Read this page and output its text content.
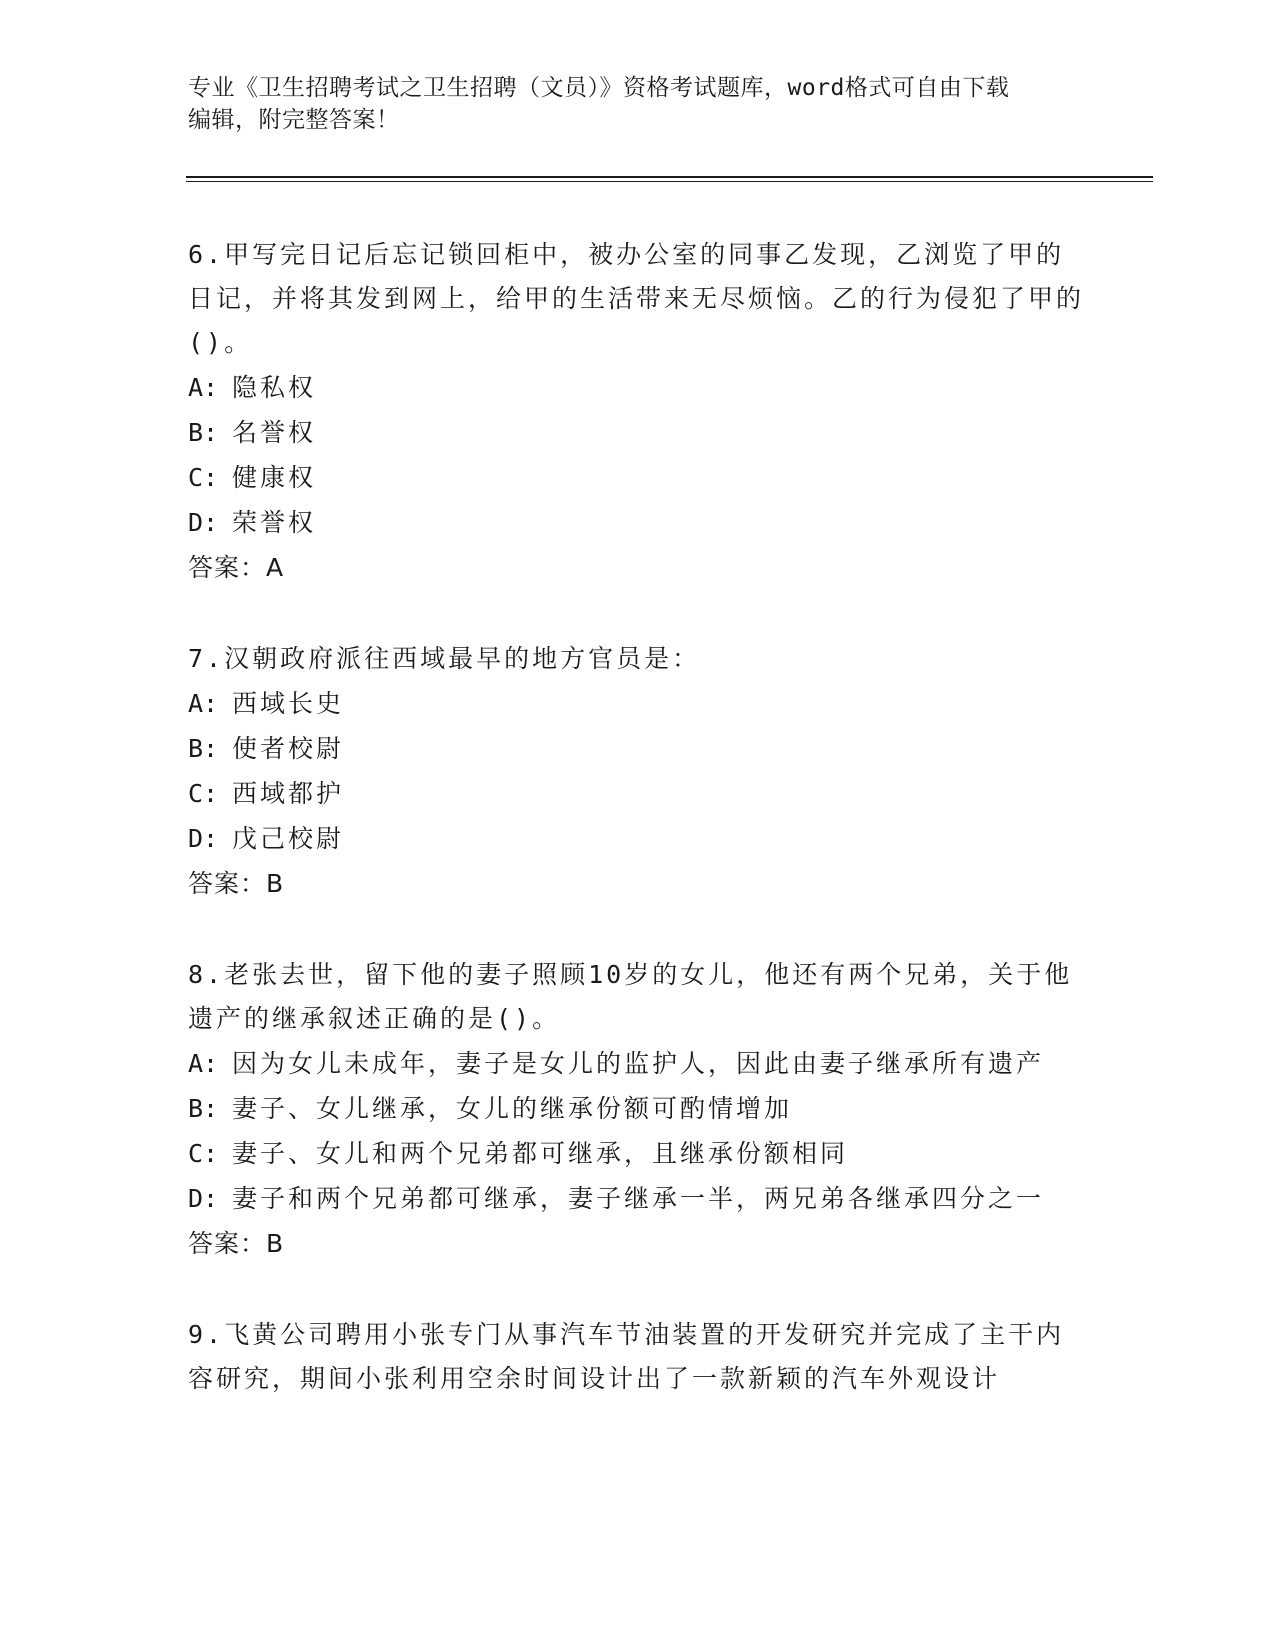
专业《卫生招聘考试之卫生招聘（文员）》资格考试题库，word格式可自由下载
编辑，附完整答案！
6.甲写完日记后忘记锁回柜中，被办公室的同事乙发现，乙浏览了甲的日记，并将其发到网上，给甲的生活带来无尽烦恼。乙的行为侵犯了甲的()。
A: 隐私权
B: 名誉权
C: 健康权
D: 荣誉权
答案：A
7.汉朝政府派往西域最早的地方官员是：
A: 西域长史
B: 使者校尉
C: 西域都护
D: 戊己校尉
答案：B
8.老张去世，留下他的妻子照顾10岁的女儿，他还有两个兄弟，关于他遗产的继承叙述正确的是()。
A: 因为女儿未成年，妻子是女儿的监护人，因此由妻子继承所有遗产
B: 妻子、女儿继承，女儿的继承份额可酌情增加
C: 妻子、女儿和两个兄弟都可继承，且继承份额相同
D: 妻子和两个兄弟都可继承，妻子继承一半，两兄弟各继承四分之一
答案：B
9.飞黄公司聘用小张专门从事汽车节油装置的开发研究并完成了主干内容研究，期间小张利用空余时间设计出了一款新颖的汽车外观设计
